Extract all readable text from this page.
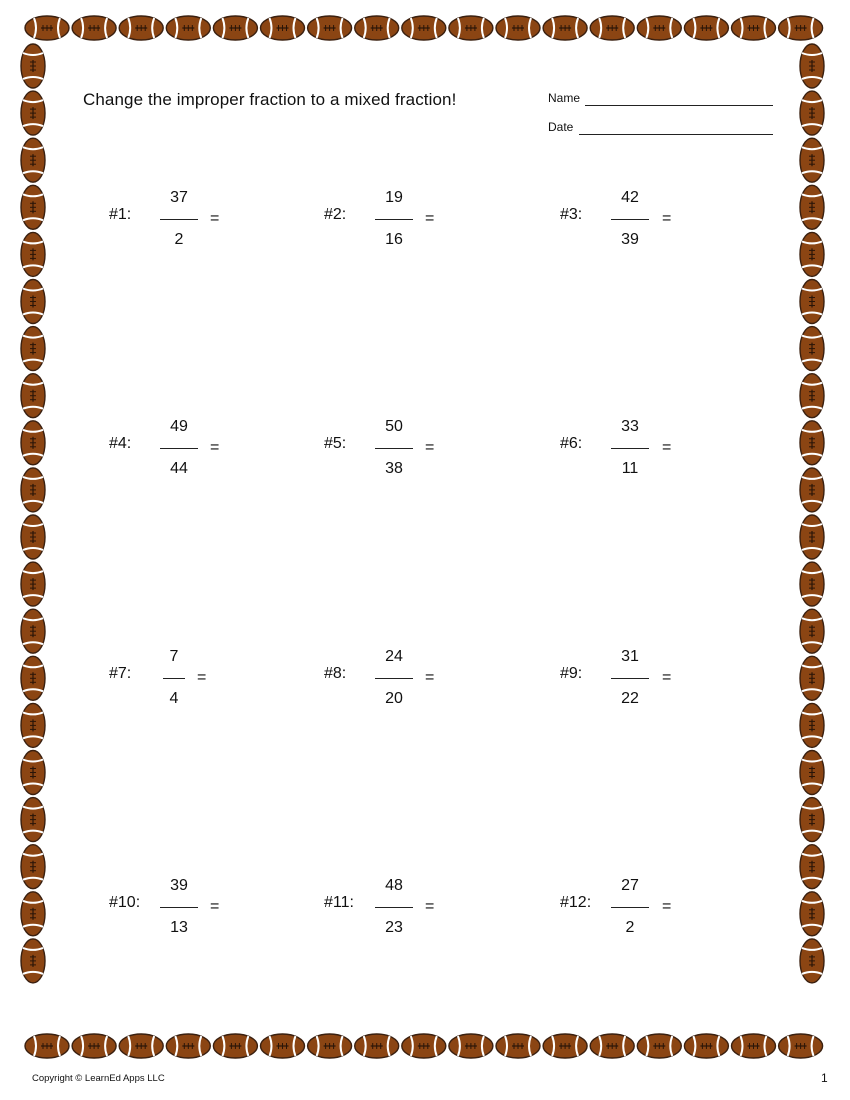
Change the improper fraction to a mixed fraction!	Name
Date
#1:
37
2
=	#2:
19
16
=	#3:
42
39
=
#4:
49
44
=	#5:
50
38
=	#6:
33
11
=
#7:
7
4
=	#8:
24
20
=	#9:
31
22
=
#10:
39
13
=	#11:
48
23
=	#12:
27
2
=
Copyright © LearnEd Apps LLC	1
